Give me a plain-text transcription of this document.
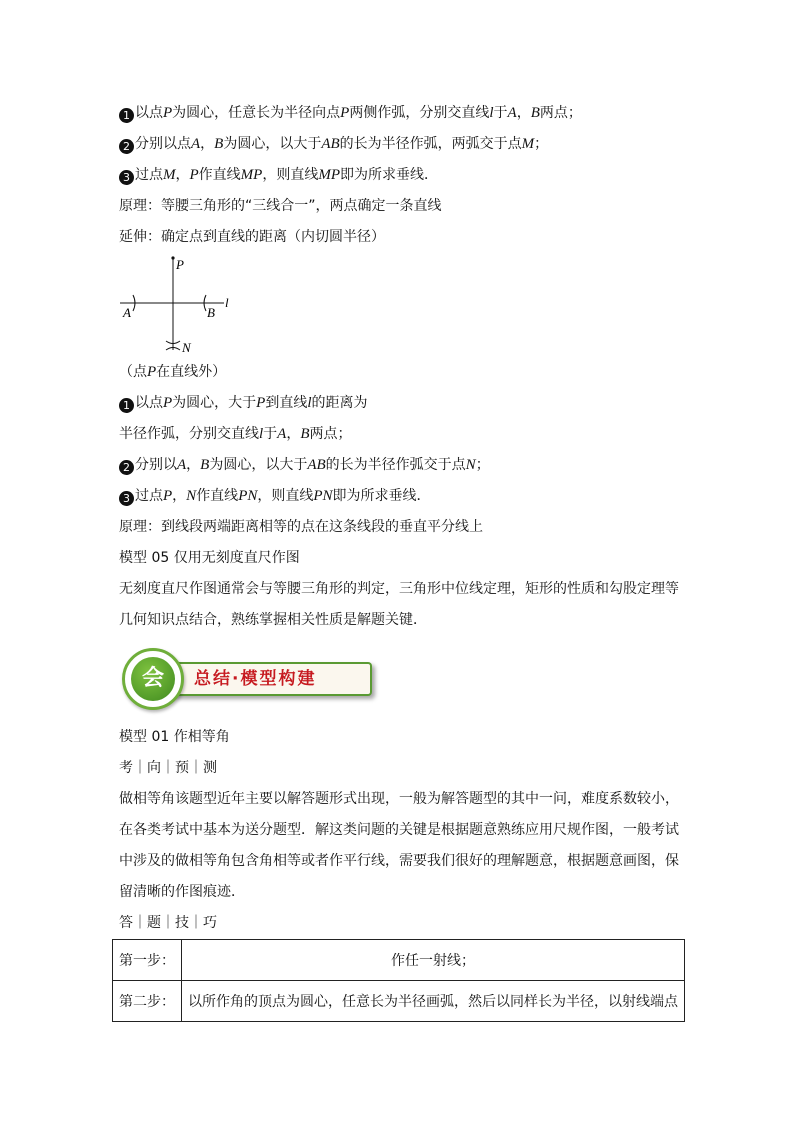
1 以点P为圆心，任意长为半径向点P两侧作弧，分别交直线l于A，B两点；
2 分别以点A，B为圆心，以大于AB的长为半径作弧，两弧交于点M；
3 过点M，P作直线MP，则直线MP即为所求垂线．
原理：等腰三角形的“三线合一”，两点确定一条直线
延伸：确定点到直线的距离（内切圆半径）
P
l
A	B
N
（点P在直线外）
1 以点P为圆心，大于P到直线l的距离为
半径作弧，分别交直线l于A，B两点；
2 分别以A，B为圆心，以大于AB的长为半径作弧交于点N；
3 过点P，N作直线PN，则直线PN即为所求垂线．
原理：到线段两端距离相等的点在这条线段的垂直平分线上
模型 05 仅用无刻度直尺作图
无刻度直尺作图通常会与等腰三角形的判定，三角形中位线定理，矩形的性质和勾股定理等
几何知识点结合，熟练掌握相关性质是解题关键．
总结·模型构建
会
模型 01 作相等角
考｜向｜预｜测
做相等角该题型近年主要以解答题形式出现，一般为解答题型的其中一问，难度系数较小，
在各类考试中基本为送分题型．解这类问题的关键是根据题意熟练应用尺规作图，一般考试
中涉及的做相等角包含角相等或者作平行线，需要我们很好的理解题意，根据题意画图，保
留清晰的作图痕迹．
答｜题｜技｜巧
第一步：	作任一射线；
第二步：	以所作角的顶点为圆心，任意长为半径画弧，然后以同样长为半径，以射线端点
